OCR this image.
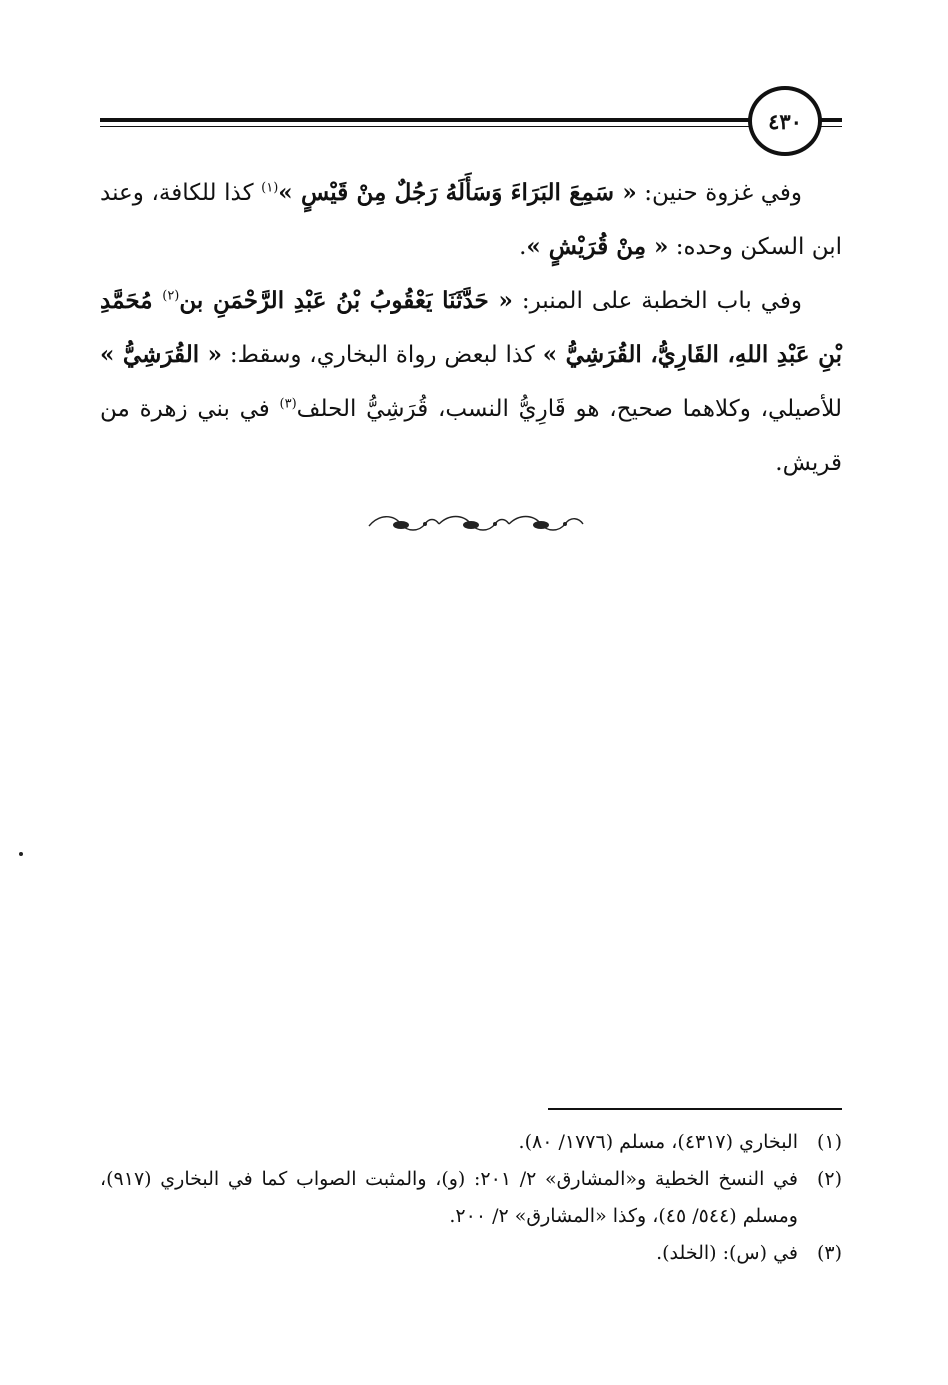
٤٣٠

وفي غزوة حنين: « سَمِعَ البَرَاءَ وَسَأَلَهُ رَجُلٌ مِنْ قَيْسٍ »$^{(١)}$ كذا للكافة، وعند ابن السكن وحده: « مِنْ قُرَيْشٍ ».

وفي باب الخطبة على المنبر: « حَدَّثَنَا يَعْقُوبُ بْنُ عَبْدِ الرَّحْمَنِ بن$^{(٢)}$ مُحَمَّدِ بْنِ عَبْدِ اللهِ، القَارِيُّ، القُرَشِيُّ » كذا لبعض رواة البخاري، وسقط: « القُرَشِيُّ » للأصيلي، وكلاهما صحيح، هو قَارِيُّ النسب، قُرَشِيُّ الحلف$^{(٣)}$ في بني زهرة من قريش.

(١)
البخاري (٤٣١٧)، مسلم (١٧٧٦/ ٨٠).
(٢)
في النسخ الخطية و«المشارق» ٢/ ٢٠١: (و)، والمثبت الصواب كما في البخاري (٩١٧)، ومسلم (٥٤٤/ ٤٥)، وكذا «المشارق» ٢/ ٢٠٠.
(٣)
في (س): (الخلد).
